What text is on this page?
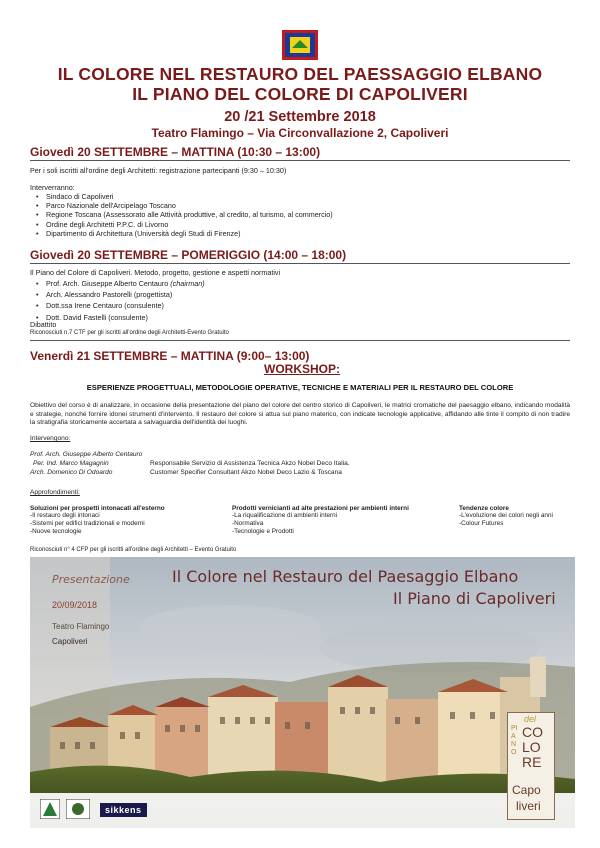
IL COLORE NEL RESTAURO DEL PAESSAGGIO ELBANO
IL PIANO DEL COLORE DI CAPOLIVERI
20 /21 Settembre 2018
Teatro Flamingo – Via Circonvallazione 2, Capoliveri
Giovedì 20 SETTEMBRE – MATTINA (10:30 – 13:00)
Per i soli iscritti all'ordine degli Architetti: registrazione partecipanti (9:30 – 10:30)
Interverranno:
• Sindaco di Capoliveri
• Parco Nazionale dell'Arcipelago Toscano
• Regione Toscana (Assessorato alle Attività produttive, al credito, al turismo, al commercio)
• Ordine degli Architetti P.P.C. di Livorno
• Dipartimento di Architettura (Università degli Studi di Firenze)
Giovedì 20 SETTEMBRE – POMERIGGIO (14:00 – 18:00)
Il Piano del Colore di Capoliveri. Metodo, progetto, gestione e aspetti normativi
• Prof. Arch. Giuseppe Alberto Centauro (chairman)
• Arch. Alessandro Pastorelli (progettista)
• Dott.ssa Irene Centauro (consulente)
• Dott. David Fastelli (consulente)
Dibattito
Riconosciuti n.7 CTF per gli iscritti all'ordine degli Architetti-Evento Gratuito
Venerdì 21 SETTEMBRE – MATTINA (9:00– 13:00)
WORKSHOP:
ESPERIENZE PROGETTUALI, METODOLOGIE OPERATIVE, TECNICHE E MATERIALI PER IL RESTAURO DEL COLORE
Obiettivo del corso è di analizzare, in occasione della presentazione del piano del colore del centro storico di Capoliveri, le matrici cromatiche del paesaggio elbano, indicando modalità e strategie, nonché fornire idonei strumenti d'intervento. Il restauro del colore si attua sul piano materico, con indicate tecnologie applicative, affidando alle tinte il compito di non tradire la stratigrafia storicamente accertata a salvaguardia dell'identità dei luoghi.
Intervengono:
Prof. Arch. Giuseppe Alberto Centauro
Per. Ind. Marco Magagnin	Responsabile Servizio di Assistenza Tecnica Akzo Nobel Deco Italia.
Arch. Domenico Di Odoardo	Customer Specifier Consultant Akzo Nobel Deco Lazio & Toscana
Approfondimenti:
Soluzioni per prospetti intonacati all'esterno
-Il restauro degli intonaci
-Sistemi per edifici tradizionali e moderni
-Nuove tecnologie
Prodotti vernicianti ad alte prestazioni per ambienti interni
-La riqualificazione di ambienti interni
-Normativa
-Tecnologie e Prodotti
Tendenze colore
-L'evoluzione dei colori negli anni
-Colour Futures
Riconosciuti n° 4 CFP per gli iscritti all'ordine degli Architetti – Evento Gratuito
Presentazione
20/09/2018
Teatro Flamingo
Capoliveri
Il Colore nel Restauro del Paesaggio Elbano
Il Piano di Capoliveri
del
PIANO
CO
LO
RE
Capo
liveri
sikkens
